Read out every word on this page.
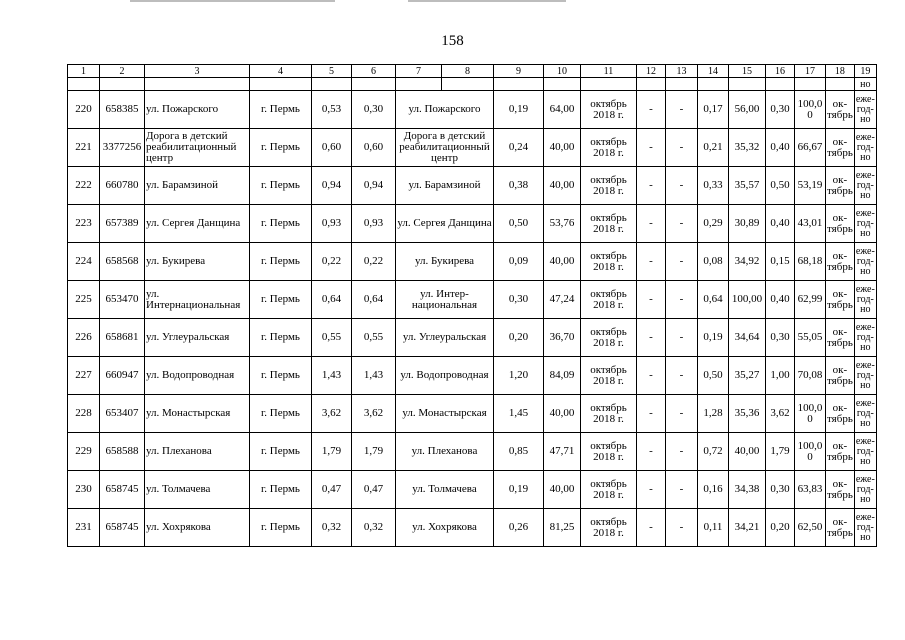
158
1	2	3	4	5	6	7	8	9	10	11	12	13	14	15	16	17	18	19
																		но
220	658385	ул. Пожарского	г. Пермь	0,53	0,30	ул. Пожарского		0,19	64,00	октябрь 2018 г.	-	-	0,17	56,00	0,30	100,0 0	ок- тябрь	еже- год- но
221	3377256	Дорога в детский реабилитационный центр	г. Пермь	0,60	0,60	Дорога в детский реабилитационный центр		0,24	40,00	октябрь 2018 г.	-	-	0,21	35,32	0,40	66,67	ок- тябрь	еже- год- но
222	660780	ул. Барамзиной	г. Пермь	0,94	0,94	ул. Барамзиной		0,38	40,00	октябрь 2018 г.	-	-	0,33	35,57	0,50	53,19	ок- тябрь	еже- год- но
223	657389	ул. Сергея Данщина	г. Пермь	0,93	0,93	ул. Сергея Данщина		0,50	53,76	октябрь 2018 г.	-	-	0,29	30,89	0,40	43,01	ок- тябрь	еже- год- но
224	658568	ул. Букирева	г. Пермь	0,22	0,22	ул. Букирева		0,09	40,00	октябрь 2018 г.	-	-	0,08	34,92	0,15	68,18	ок- тябрь	еже- год- но
225	653470	ул. Интернациональная	г. Пермь	0,64	0,64	ул. Интер- национальная		0,30	47,24	октябрь 2018 г.	-	-	0,64	100,00	0,40	62,99	ок- тябрь	еже- год- но
226	658681	ул. Углеуральская	г. Пермь	0,55	0,55	ул. Углеуральская		0,20	36,70	октябрь 2018 г.	-	-	0,19	34,64	0,30	55,05	ок- тябрь	еже- год- но
227	660947	ул. Водопроводная	г. Пермь	1,43	1,43	ул. Водопроводная		1,20	84,09	октябрь 2018 г.	-	-	0,50	35,27	1,00	70,08	ок- тябрь	еже- год- но
228	653407	ул. Монастырская	г. Пермь	3,62	3,62	ул. Монастырская		1,45	40,00	октябрь 2018 г.	-	-	1,28	35,36	3,62	100,0 0	ок- тябрь	еже- год- но
229	658588	ул. Плеханова	г. Пермь	1,79	1,79	ул. Плеханова		0,85	47,71	октябрь 2018 г.	-	-	0,72	40,00	1,79	100,0 0	ок- тябрь	еже- год- но
230	658745	ул. Толмачева	г. Пермь	0,47	0,47	ул. Толмачева		0,19	40,00	октябрь 2018 г.	-	-	0,16	34,38	0,30	63,83	ок- тябрь	еже- год- но
231	658745	ул. Хохрякова	г. Пермь	0,32	0,32	ул. Хохрякова		0,26	81,25	октябрь 2018 г.	-	-	0,11	34,21	0,20	62,50	ок- тябрь	еже- год- но
